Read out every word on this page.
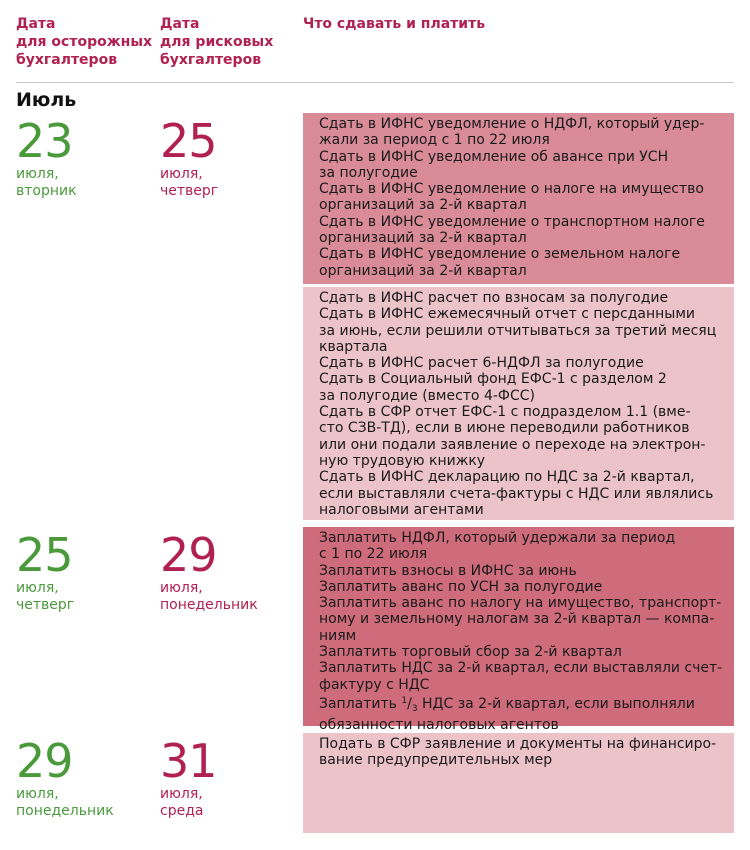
Дата
для осторожных
бухгалтеров
Дата
для рисковых
бухгалтеров
Что сдавать и платить
Июль
23
июля,
вторник
25
июля,
четверг
Сдать в ИФНС уведомление о НДФЛ, который удер-
жали за период с 1 по 22 июля
Сдать в ИФНС уведомление об авансе при УСН
за полугодие
Сдать в ИФНС уведомление о налоге на имущество
организаций за 2-й квартал
Сдать в ИФНС уведомление о транспортном налоге
организаций за 2-й квартал
Сдать в ИФНС уведомление о земельном налоге
организаций за 2-й квартал
Сдать в ИФНС расчет по взносам за полугодие
Сдать в ИФНС ежемесячный отчет с персданными
за июнь, если решили отчитываться за третий месяц
квартала
Сдать в ИФНС расчет 6-НДФЛ за полугодие
Сдать в Социальный фонд ЕФС-1 с разделом 2
за полугодие (вместо 4-ФСС)
Сдать в СФР отчет ЕФС-1 с подразделом 1.1 (вме-
сто СЗВ-ТД), если в июне переводили работников
или они подали заявление о переходе на электрон-
ную трудовую книжку
Сдать в ИФНС декларацию по НДС за 2-й квартал,
если выставляли счета-фактуры с НДС или являлись
налоговыми агентами
25
июля,
четверг
29
июля,
понедельник
Заплатить НДФЛ, который удержали за период
с 1 по 22 июля
Заплатить взносы в ИФНС за июнь
Заплатить аванс по УСН за полугодие
Заплатить аванс по налогу на имущество, транспорт-
ному и земельному налогам за 2-й квартал — компа-
ниям
Заплатить торговый сбор за 2-й квартал
Заплатить НДС за 2-й квартал, если выставляли счет-
фактуру с НДС
Заплатить $^1/_3$ НДС за 2-й квартал, если выполняли
обязанности налоговых агентов
29
июля,
понедельник
31
июля,
среда
Подать в СФР заявление и документы на финансиро-
вание предупредительных мер
